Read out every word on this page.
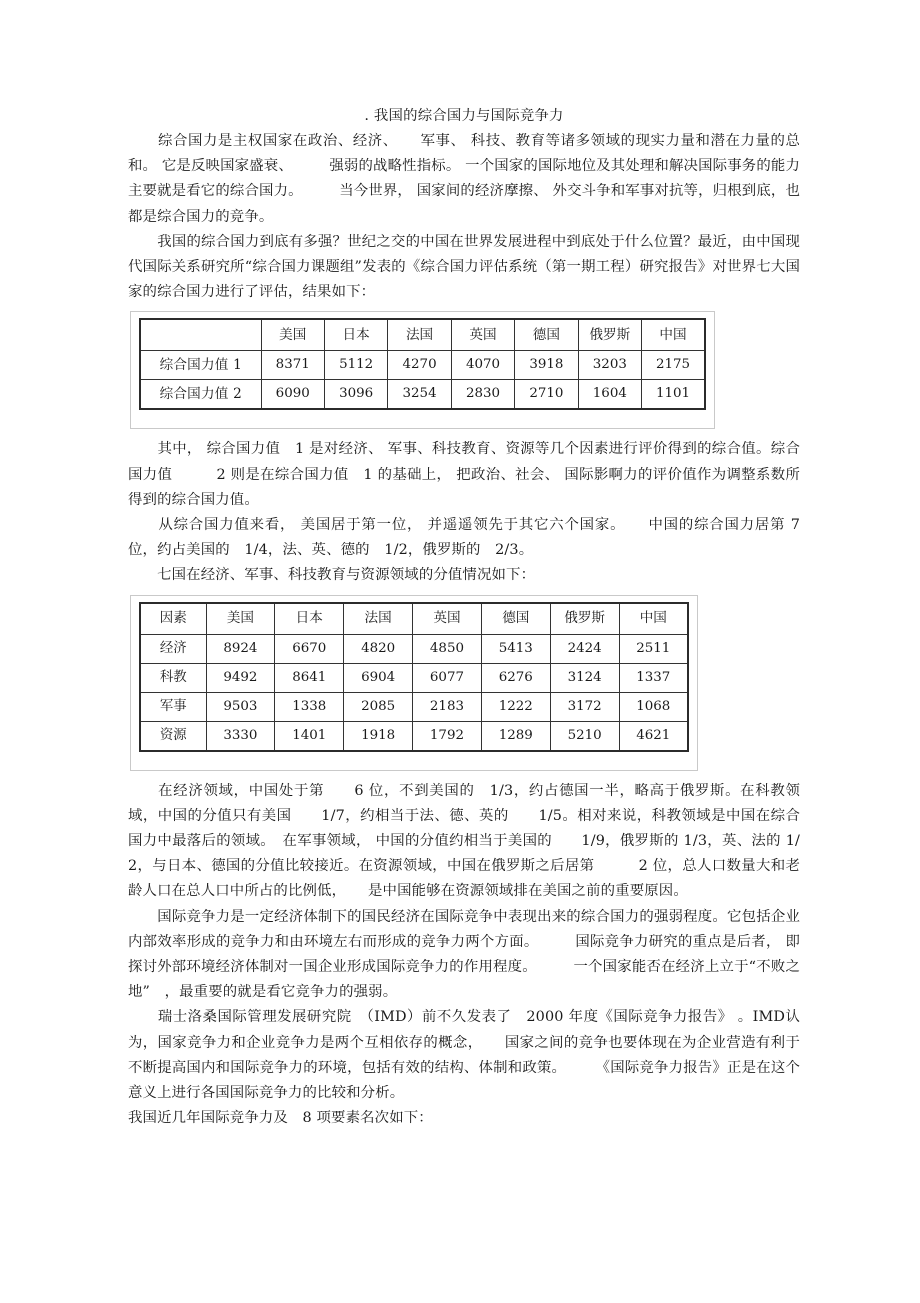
. 我国的综合国力与国际竞争力

　　综合国力是主权国家在政治、经济、　　军事、 科技、教育等诸多领域的现实力量和潜在力量的总和。 它是反映国家盛衰、　　　强弱的战略性指标。 一个国家的国际地位及其处理和解决国际事务的能力主要就是看它的综合国力。　　　当今世界， 国家间的经济摩擦、 外交斗争和军事对抗等，归根到底，也都是综合国力的竞争。

　　我国的综合国力到底有多强？世纪之交的中国在世界发展进程中到底处于什么位置？最近，由中国现代国际关系研究所“综合国力课题组”发表的《综合国力评估系统（第一期工程）研究报告》对世界七大国家的综合国力进行了评估，结果如下：

	美国	日本	法国	英国	德国	俄罗斯	中国
综合国力值 1	8371	5112	4270	4070	3918	3203	2175
综合国力值 2	6090	3096	3254	2830	2710	1604	1101

　　其中， 综合国力值　1 是对经济、 军事、科技教育、资源等几个因素进行评价得到的综合值。综合国力值　　　2 则是在综合国力值　1 的基础上， 把政治、社会、 国际影啊力的评价值作为调整系数所得到的综合国力值。

　　从综合国力值来看， 美国居于第一位， 并遥遥领先于其它六个国家。　　中国的综合国力居第 7 位，约占美国的　1/4，法、英、德的　1/2，俄罗斯的　2/3。

　　七国在经济、军事、科技教育与资源领域的分值情况如下：

因素	美国	日本	法国	英国	德国	俄罗斯	中国
经济	8924	6670	4820	4850	5413	2424	2511
科教	9492	8641	6904	6077	6276	3124	1337
军事	9503	1338	2085	2183	1222	3172	1068
资源	3330	1401	1918	1792	1289	5210	4621

　　在经济领域，中国处于第　　6 位，不到美国的　1/3，约占德国一半，略高于俄罗斯。在科教领域，中国的分值只有美国　　1/7，约相当于法、德、英的　　1/5。相对来说，科教领域是中国在综合国力中最落后的领域。　在军事领域， 中国的分值约相当于美国的　　1/9，俄罗斯的 1/3，英、法的 1/2，与日本、德国的分值比较接近。在资源领域，中国在俄罗斯之后居第　　　2 位，总人口数量大和老龄人口在总人口中所占的比例低，　　是中国能够在资源领域排在美国之前的重要原因。

　　国际竞争力是一定经济体制下的国民经济在国际竞争中表现出来的综合国力的强弱程度。它包括企业内部效率形成的竞争力和由环境左右而形成的竞争力两个方面。　　　国际竞争力研究的重点是后者， 即探讨外部环境经济体制对一国企业形成国际竞争力的作用程度。　　　一个国家能否在经济上立于“不败之地”　，最重要的就是看它竞争力的强弱。

　　瑞士洛桑国际管理发展研究院　（IMD）前不久发表了　2000 年度《国际竞争力报告》 。IMD认为，国家竞争力和企业竞争力是两个互相依存的概念，　　国家之间的竞争也要体现在为企业营造有利于不断提高国内和国际竞争力的环境，包括有效的结构、体制和政策。　　　《国际竞争力报告》正是在这个意义上进行各国国际竞争力的比较和分析。

我国近几年国际竞争力及　8 项要素名次如下：
